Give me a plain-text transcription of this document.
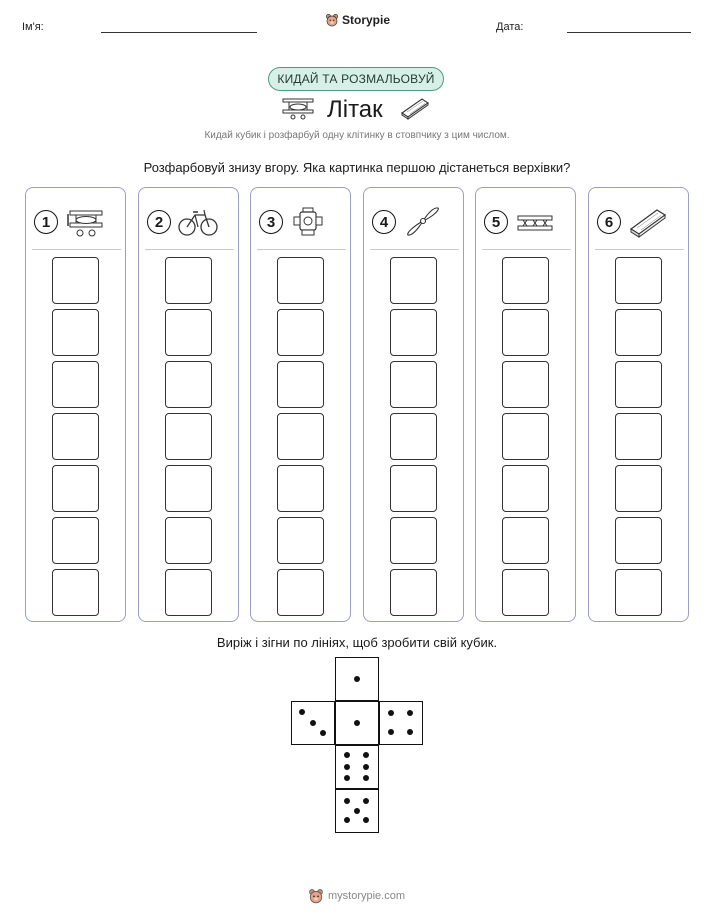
Ім'я:	Storypie	Дата:
КИДАЙ ТА РОЗМАЛЬОВУЙ
Літак
Кидай кубик і розфарбуй одну клітинку в стовпчику з цим числом.
Розфарбовуй знизу вгору. Яка картинка першою дістанеться верхівки?
1	2	3	4	5	6
Виріж і зігни по лініях, щоб зробити свій кубик.
mystorypie.com
